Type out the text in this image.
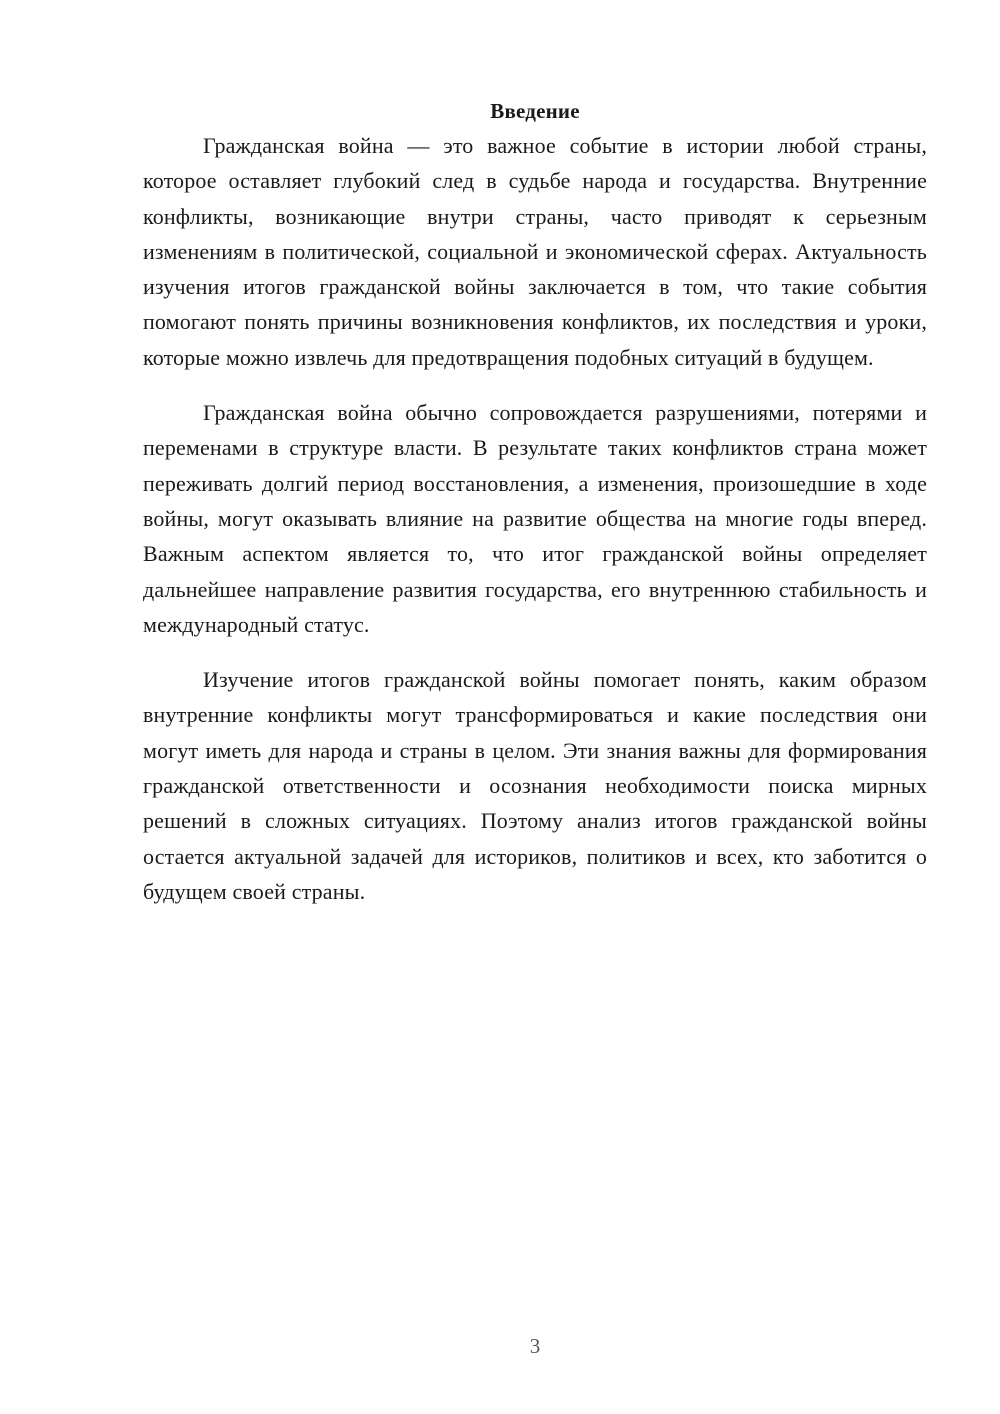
Введение

Гражданская война — это важное событие в истории любой страны, которое оставляет глубокий след в судьбе народа и государства. Внутренние конфликты, возникающие внутри страны, часто приводят к серьезным изменениям в политической, социальной и экономической сферах. Актуальность изучения итогов гражданской войны заключается в том, что такие события помогают понять причины возникновения конфликтов, их последствия и уроки, которые можно извлечь для предотвращения подобных ситуаций в будущем.

Гражданская война обычно сопровождается разрушениями, потерями и переменами в структуре власти. В результате таких конфликтов страна может переживать долгий период восстановления, а изменения, произошедшие в ходе войны, могут оказывать влияние на развитие общества на многие годы вперед. Важным аспектом является то, что итог гражданской войны определяет дальнейшее направление развития государства, его внутреннюю стабильность и международный статус.

Изучение итогов гражданской войны помогает понять, каким образом внутренние конфликты могут трансформироваться и какие последствия они могут иметь для народа и страны в целом. Эти знания важны для формирования гражданской ответственности и осознания необходимости поиска мирных решений в сложных ситуациях. Поэтому анализ итогов гражданской войны остается актуальной задачей для историков, политиков и всех, кто заботится о будущем своей страны.

3
